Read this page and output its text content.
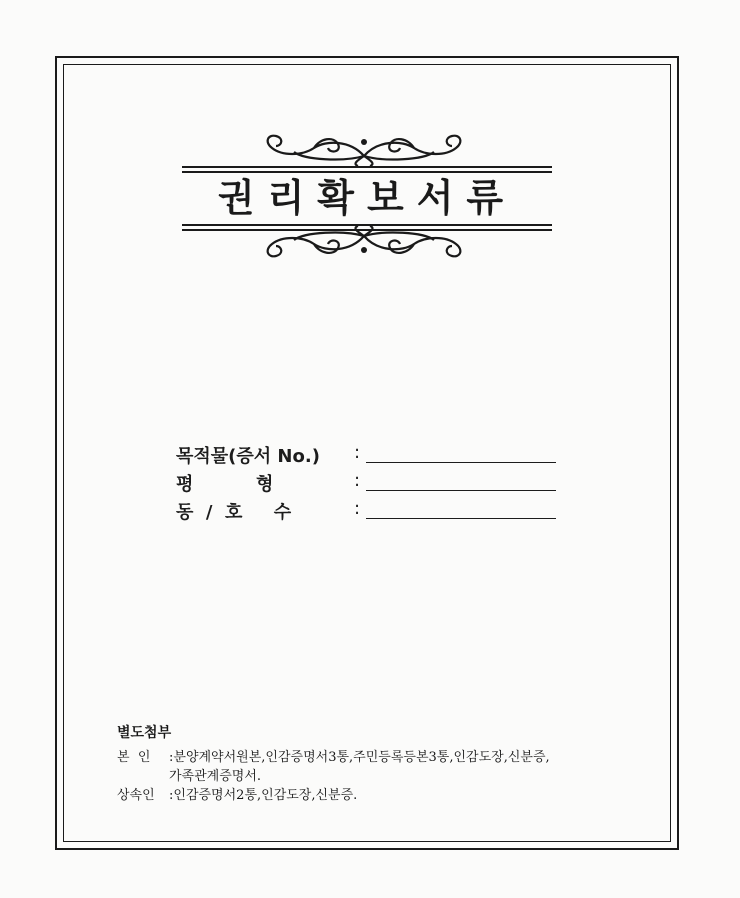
권리확보서류
목적물(증서 No.) :
평          형	:
동  /  호     수	:
별도첨부
본  인 :분양계약서원본,인감증명서3통,주민등록등본3통,인감도장,신분증,
가족관계증명서.
상속인 :인감증명서2통,인감도장,신분증.
